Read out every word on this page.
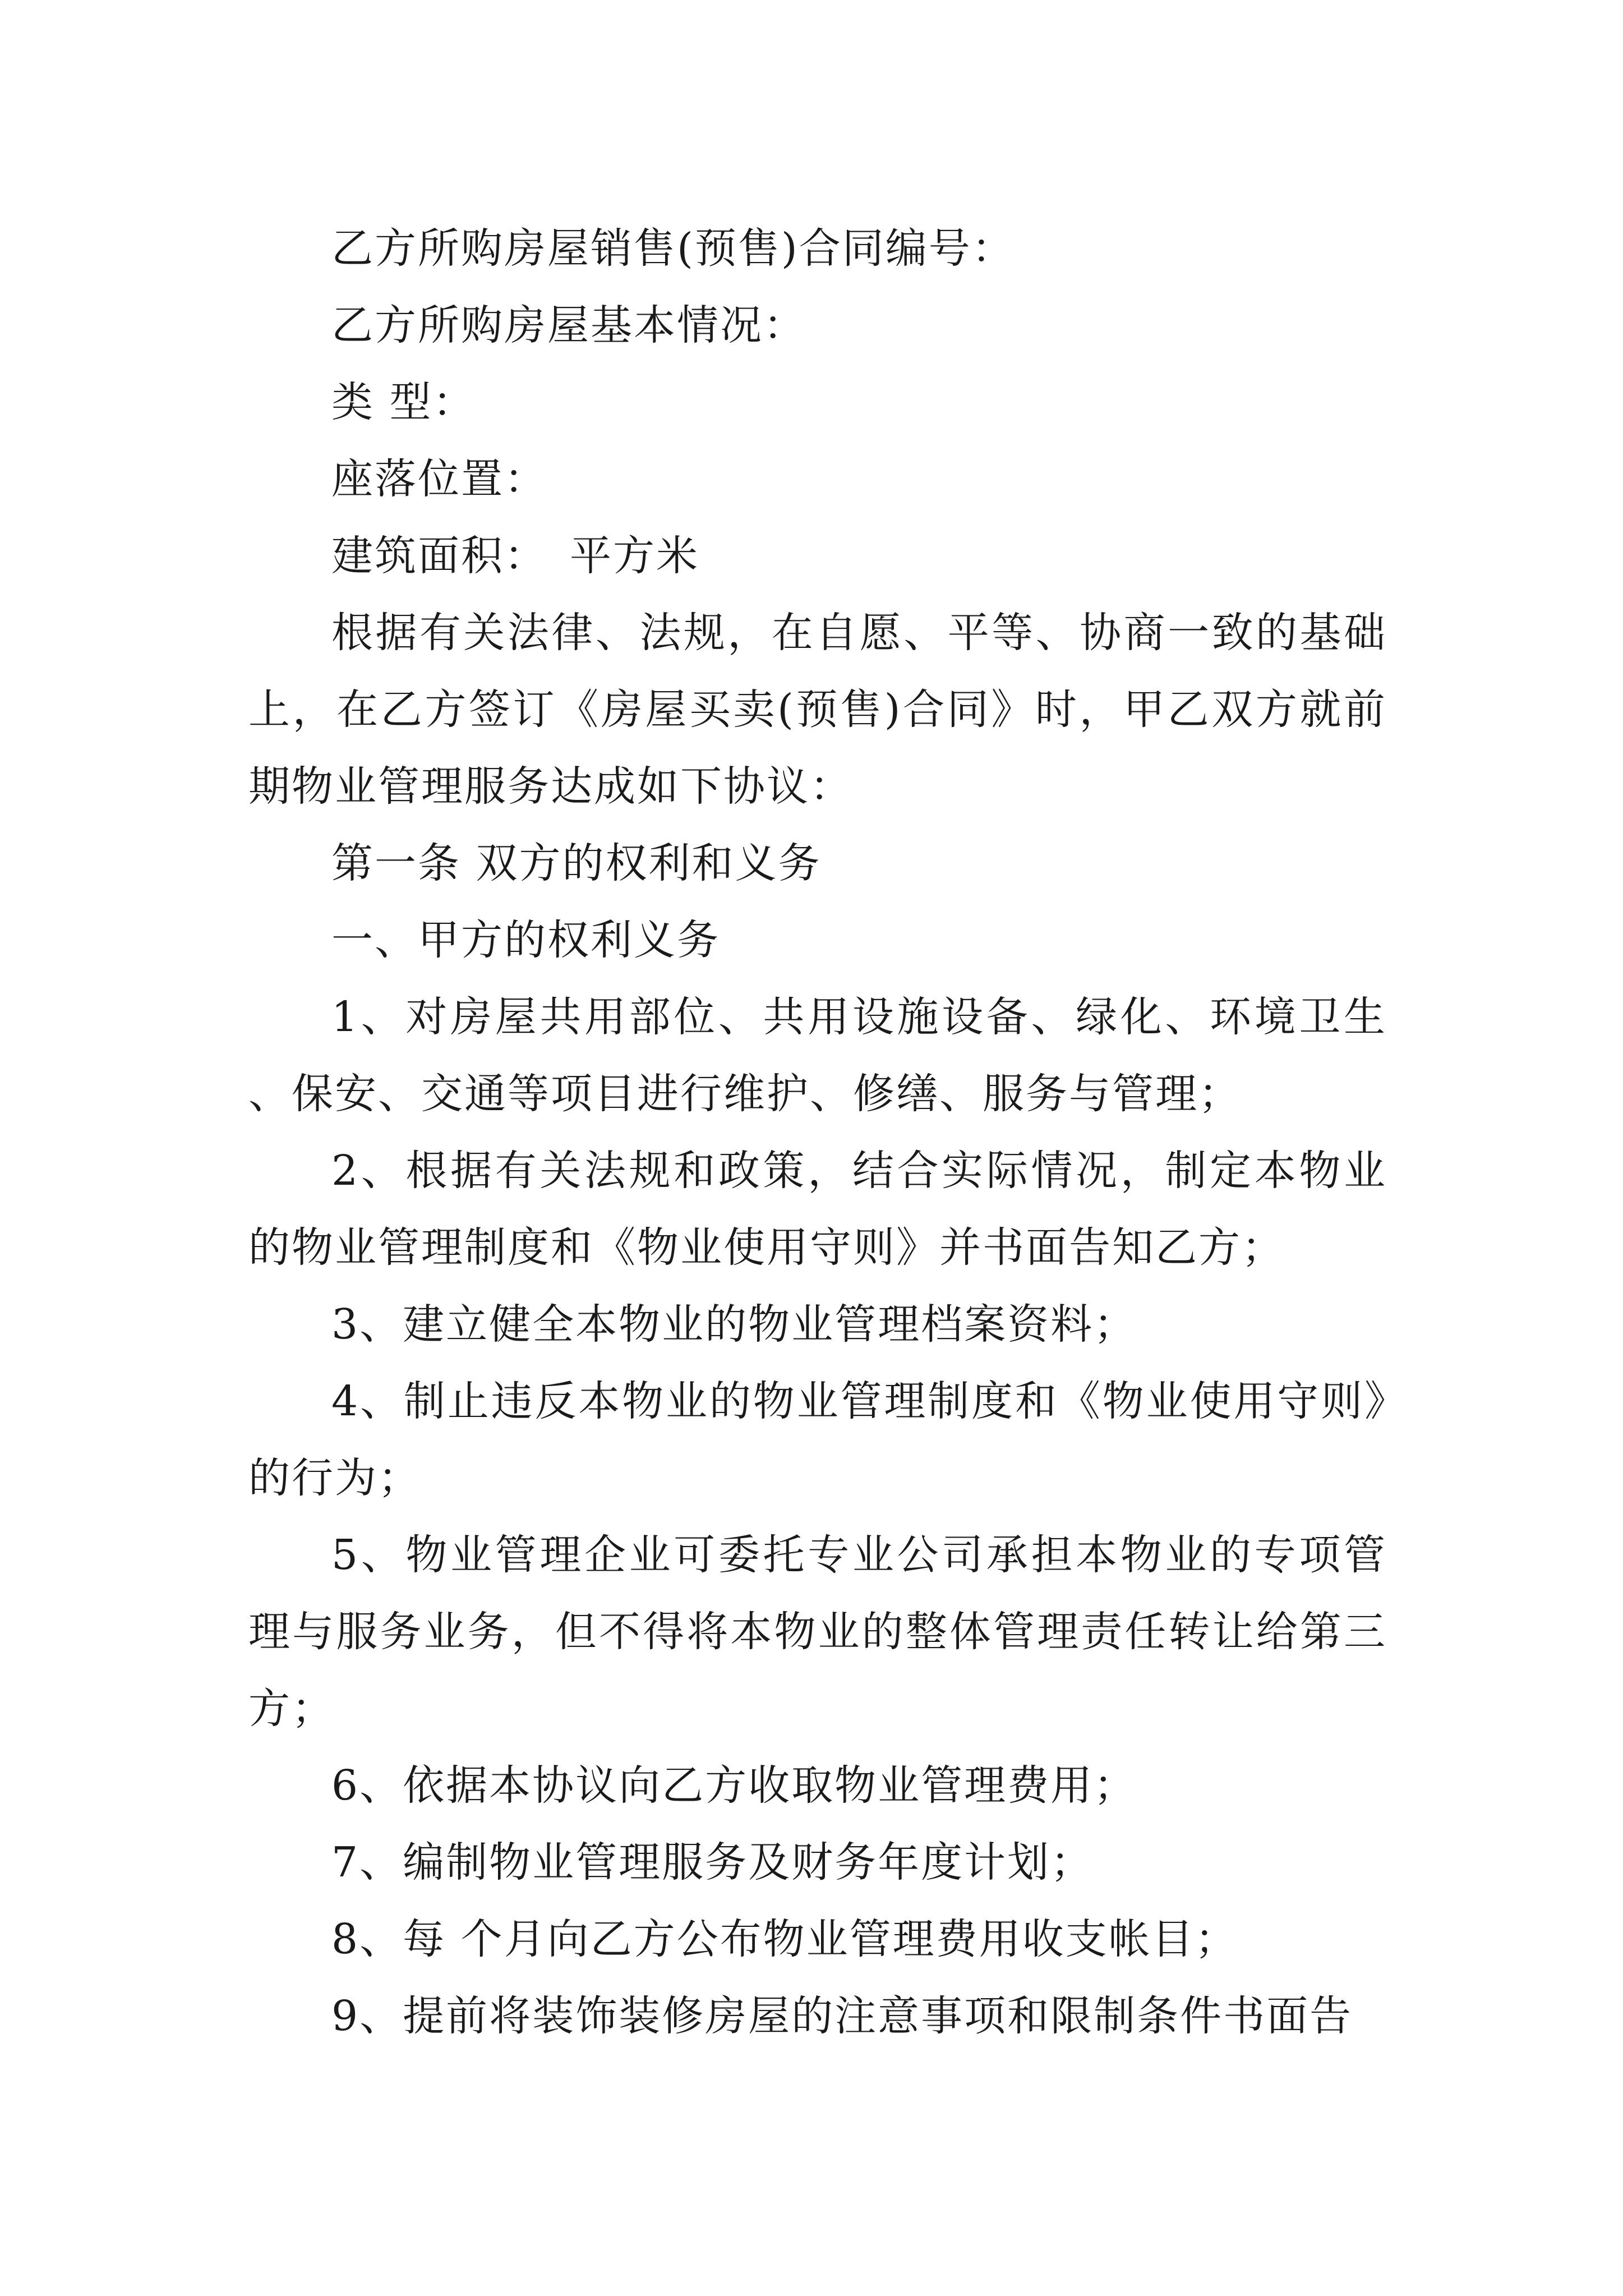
乙方所购房屋销售(预售)合同编号：

乙方所购房屋基本情况：

类 型：

座落位置：

建筑面积：　平方米

根据有关法律、法规，在自愿、平等、协商一致的基础上，在乙方签订《房屋买卖(预售)合同》时，甲乙双方就前期物业管理服务达成如下协议：

第一条 双方的权利和义务

一、甲方的权利义务

1、对房屋共用部位、共用设施设备、绿化、环境卫生、保安、交通等项目进行维护、修缮、服务与管理；

2、根据有关法规和政策，结合实际情况，制定本物业的物业管理制度和《物业使用守则》并书面告知乙方；

3、建立健全本物业的物业管理档案资料；

4、制止违反本物业的物业管理制度和《物业使用守则》的行为；

5、物业管理企业可委托专业公司承担本物业的专项管理与服务业务，但不得将本物业的整体管理责任转让给第三方；

6、依据本协议向乙方收取物业管理费用；

7、编制物业管理服务及财务年度计划；

8、每 个月向乙方公布物业管理费用收支帐目；

9、提前将装饰装修房屋的注意事项和限制条件书面告
